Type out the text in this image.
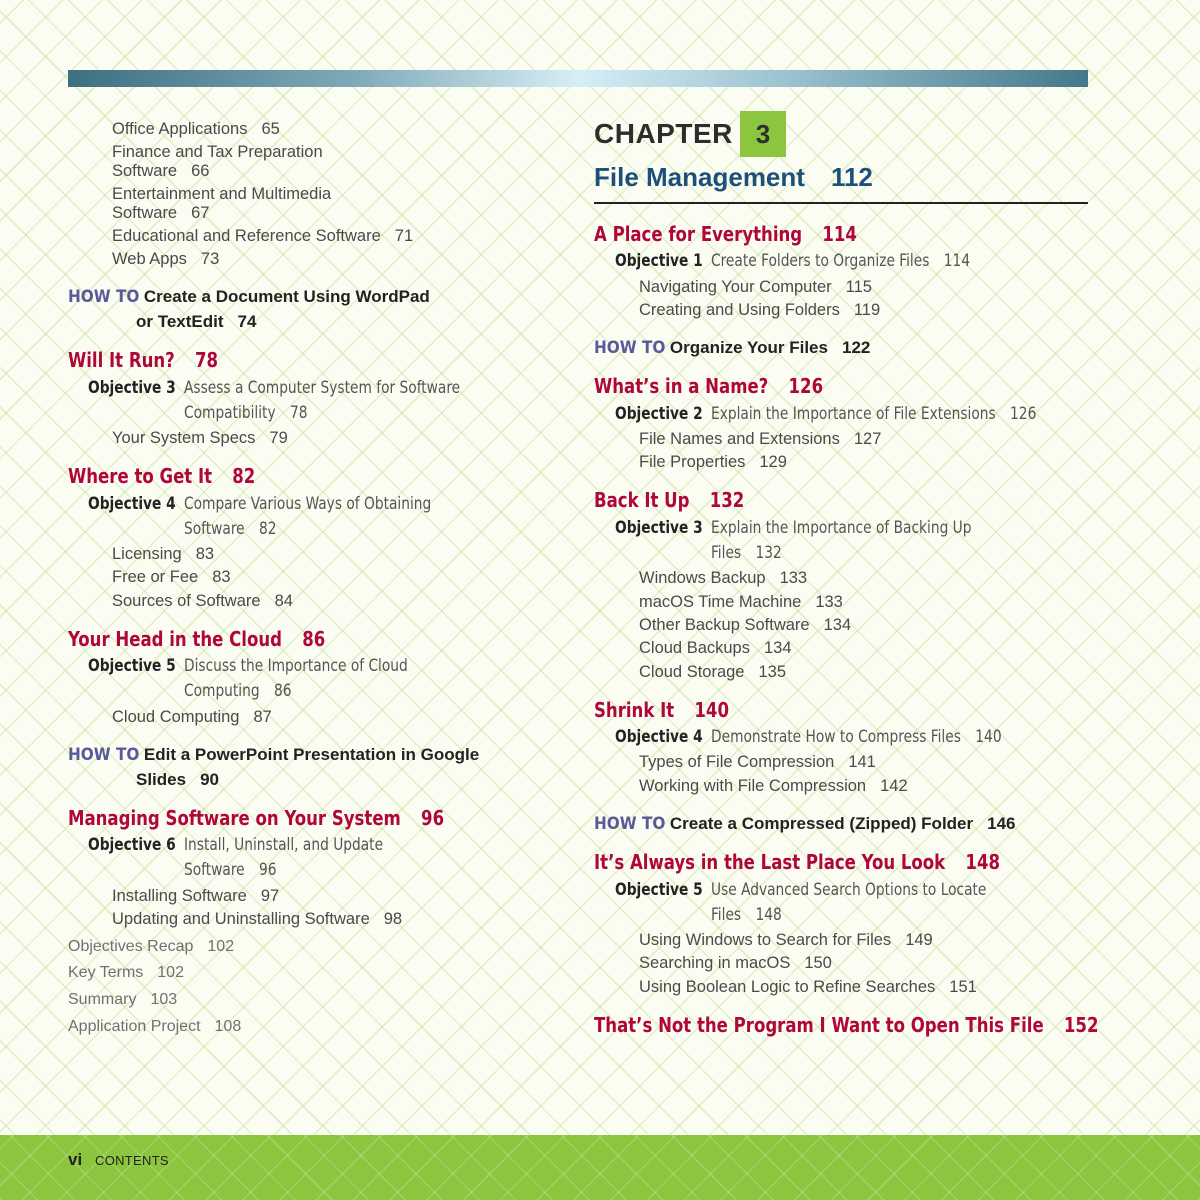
Office Applications 65
Finance and Tax Preparation
Software 66
Entertainment and Multimedia
Software 67
Educational and Reference Software 71
Web Apps 73
HOW TO Create a Document Using WordPad
or TextEdit 74
Will It Run? 78
Objective 3 Assess a Computer System for Software
Compatibility 78
Your System Specs 79
Where to Get It 82
Objective 4 Compare Various Ways of Obtaining
Software 82
Licensing 83
Free or Fee 83
Sources of Software 84
Your Head in the Cloud 86
Objective 5 Discuss the Importance of Cloud
Computing 86
Cloud Computing 87
HOW TO Edit a PowerPoint Presentation in Google
Slides 90
Managing Software on Your System 96
Objective 6 Install, Uninstall, and Update
Software 96
Installing Software 97
Updating and Uninstalling Software 98
Objectives Recap 102
Key Terms 102
Summary 103
Application Project 108
CHAPTER 3
File Management 112
A Place for Everything 114
Objective 1 Create Folders to Organize Files 114
Navigating Your Computer 115
Creating and Using Folders 119
HOW TO Organize Your Files 122
What’s in a Name? 126
Objective 2 Explain the Importance of File Extensions 126
File Names and Extensions 127
File Properties 129
Back It Up 132
Objective 3 Explain the Importance of Backing Up
Files 132
Windows Backup 133
macOS Time Machine 133
Other Backup Software 134
Cloud Backups 134
Cloud Storage 135
Shrink It 140
Objective 4 Demonstrate How to Compress Files 140
Types of File Compression 141
Working with File Compression 142
HOW TO Create a Compressed (Zipped) Folder 146
It’s Always in the Last Place You Look 148
Objective 5 Use Advanced Search Options to Locate
Files 148
Using Windows to Search for Files 149
Searching in macOS 150
Using Boolean Logic to Refine Searches 151
That’s Not the Program I Want to Open This File 152
vi CONTENTS
